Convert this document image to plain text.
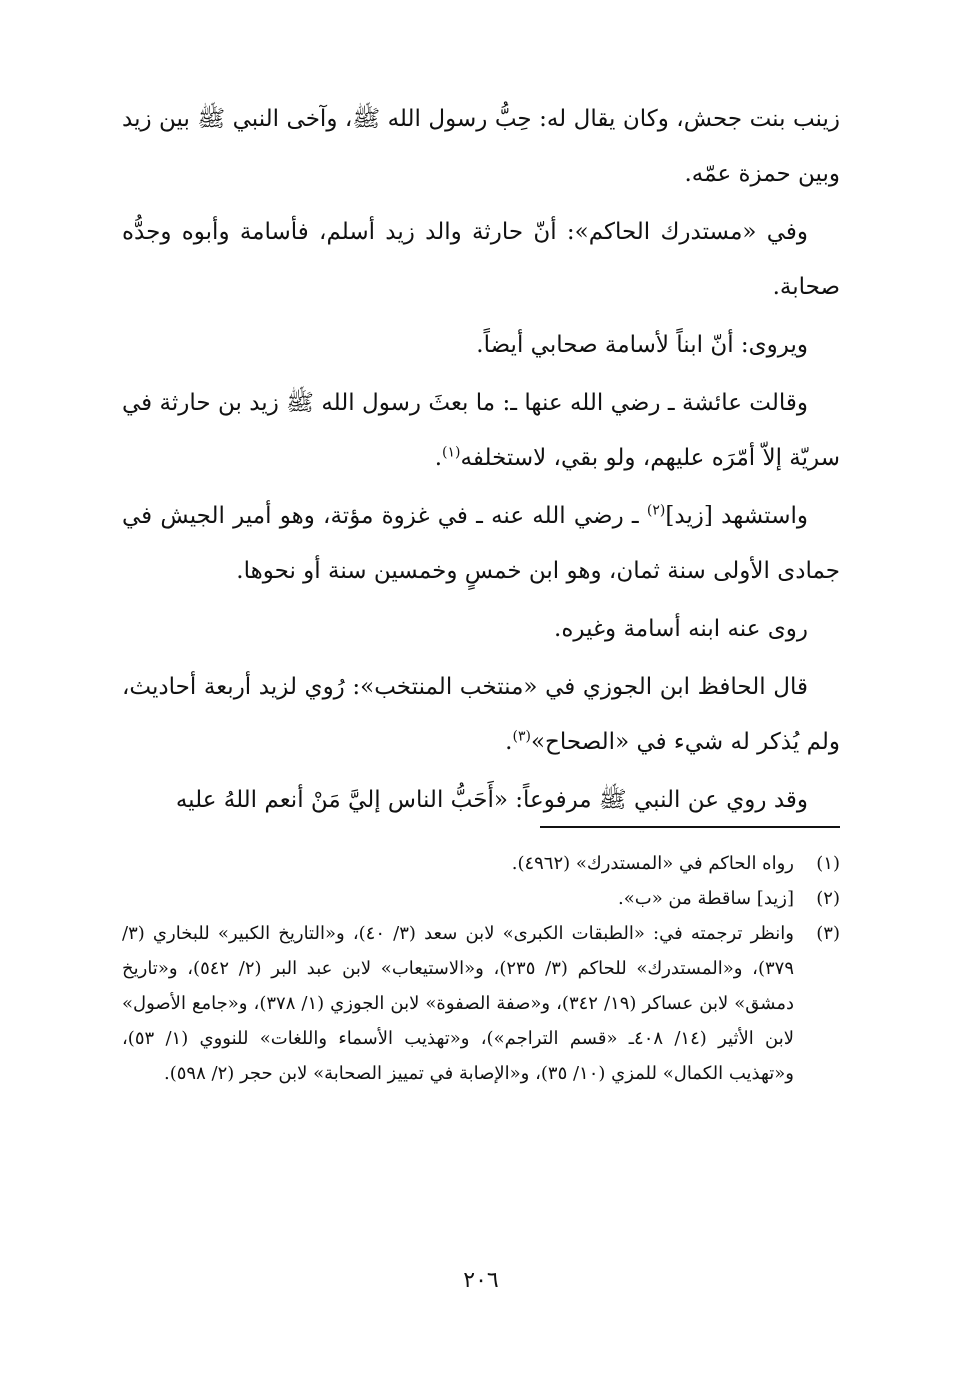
زينب بنت جحش، وكان يقال له: حِبُّ رسول الله ﷺ، وآخى النبي ﷺ بين زيد وبين حمزة عمّه.

وفي «مستدرك الحاكم»: أنّ حارثة والد زيد أسلم، فأسامة وأبوه وجدُّه صحابة.

ويروى: أنّ ابناً لأسامة صحابي أيضاً.

وقالت عائشة ـ رضي الله عنها ـ: ما بعثَ رسول الله ﷺ زيد بن حارثة في سريّة إلاّ أمّرَه عليهم، ولو بقي، لاستخلفه$^{(١)}$.

واستشهد [زيد]$^{(٢)}$ ـ رضي الله عنه ـ في غزوة مؤتة، وهو أمير الجيش في جمادى الأولى سنة ثمان، وهو ابن خمسٍ وخمسين سنة أو نحوها.

روى عنه ابنه أسامة وغيره.

قال الحافظ ابن الجوزي في «منتخب المنتخب»: رُوي لزيد أربعة أحاديث، ولم يُذكر له شيء في «الصحاح»$^{(٣)}$.

وقد روي عن النبي ﷺ مرفوعاً: «أَحَبُّ الناس إليَّ مَنْ أنعم اللهُ عليه

(١)
رواه الحاكم في «المستدرك» (٤٩٦٢).
(٢)
[زيد] ساقطة من «ب».
(٣)
وانظر ترجمته في: «الطبقات الكبرى» لابن سعد (٣/ ٤٠)، و«التاريخ الكبير» للبخاري (٣/ ٣٧٩)، و«المستدرك» للحاكم (٣/ ٢٣٥)، و«الاستيعاب» لابن عبد البر (٢/ ٥٤٢)، و«تاريخ دمشق» لابن عساكر (١٩/ ٣٤٢)، و«صفة الصفوة» لابن الجوزي (١/ ٣٧٨)، و«جامع الأصول» لابن الأثير (١٤/ ٤٠٨ـ «قسم التراجم»)، و«تهذيب الأسماء واللغات» للنووي (١/ ٥٣)، و«تهذيب الكمال» للمزي (١٠/ ٣٥)، و«الإصابة في تمييز الصحابة» لابن حجر (٢/ ٥٩٨).
٢٠٦
